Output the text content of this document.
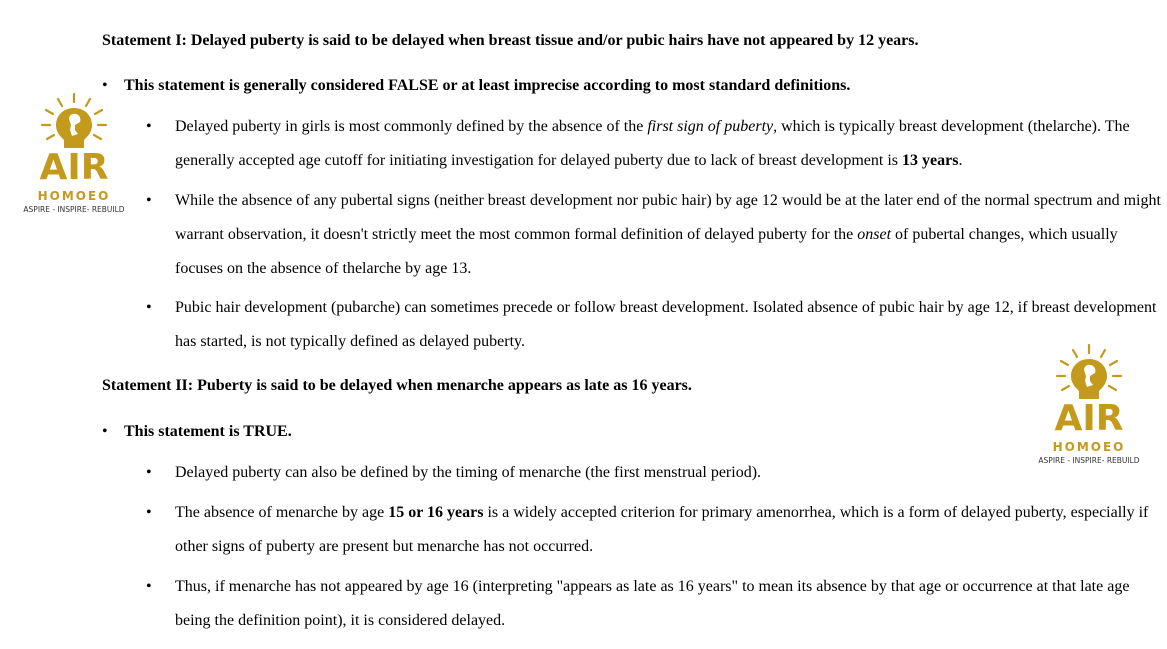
Statement I: Delayed puberty is said to be delayed when breast tissue and/or pubic hairs have not appeared by 12 years.
• This statement is generally considered FALSE or at least imprecise according to most standard definitions.
• Delayed puberty in girls is most commonly defined by the absence of the first sign of puberty, which is typically breast development (thelarche). The generally accepted age cutoff for initiating investigation for delayed puberty due to lack of breast development is 13 years.
• While the absence of any pubertal signs (neither breast development nor pubic hair) by age 12 would be at the later end of the normal spectrum and might warrant observation, it doesn't strictly meet the most common formal definition of delayed puberty for the onset of pubertal changes, which usually focuses on the absence of thelarche by age 13.
• Pubic hair development (pubarche) can sometimes precede or follow breast development. Isolated absence of pubic hair by age 12, if breast development has started, is not typically defined as delayed puberty.
Statement II: Puberty is said to be delayed when menarche appears as late as 16 years.
• This statement is TRUE.
• Delayed puberty can also be defined by the timing of menarche (the first menstrual period).
• The absence of menarche by age 15 or 16 years is a widely accepted criterion for primary amenorrhea, which is a form of delayed puberty, especially if other signs of puberty are present but menarche has not occurred.
• Thus, if menarche has not appeared by age 16 (interpreting "appears as late as 16 years" to mean its absence by that age or occurrence at that late age being the definition point), it is considered delayed.
AIR
HOMOEO
ASPIRE - INSPIRE- REBUILD
AIR
HOMOEO
ASPIRE - INSPIRE- REBUILD
